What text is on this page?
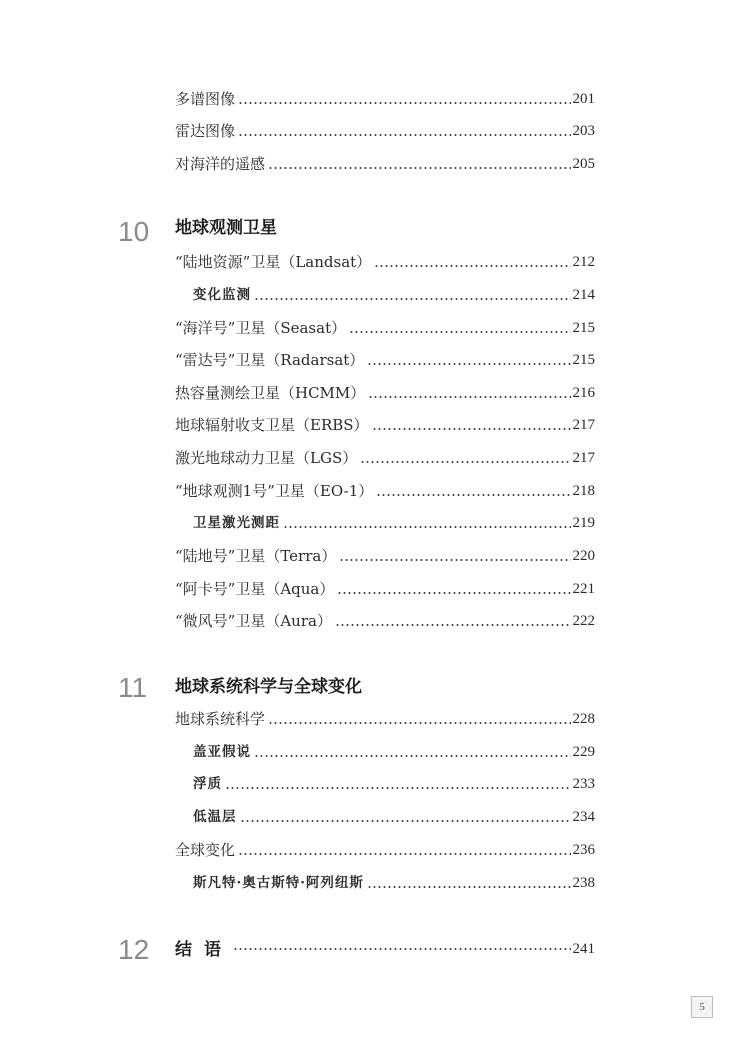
多谱图像	201
雷达图像	203
对海洋的遥感	205
10 地球观测卫星
“陆地资源”卫星（Landsat）	212
变化监测	214
“海洋号”卫星（Seasat）	215
“雷达号”卫星（Radarsat）	215
热容量测绘卫星（HCMM）	216
地球辐射收支卫星（ERBS）	217
激光地球动力卫星（LGS）	217
“地球观测1号”卫星（EO-1）	218
卫星激光测距	219
“陆地号”卫星（Terra）	220
“阿卡号”卫星（Aqua）	221
“微风号”卫星（Aura）	222
11 地球系统科学与全球变化
地球系统科学	228
盖亚假说	229
浮质	233
低温层	234
全球变化	236
斯凡特·奥古斯特·阿列纽斯	238
12 结语	241
5
